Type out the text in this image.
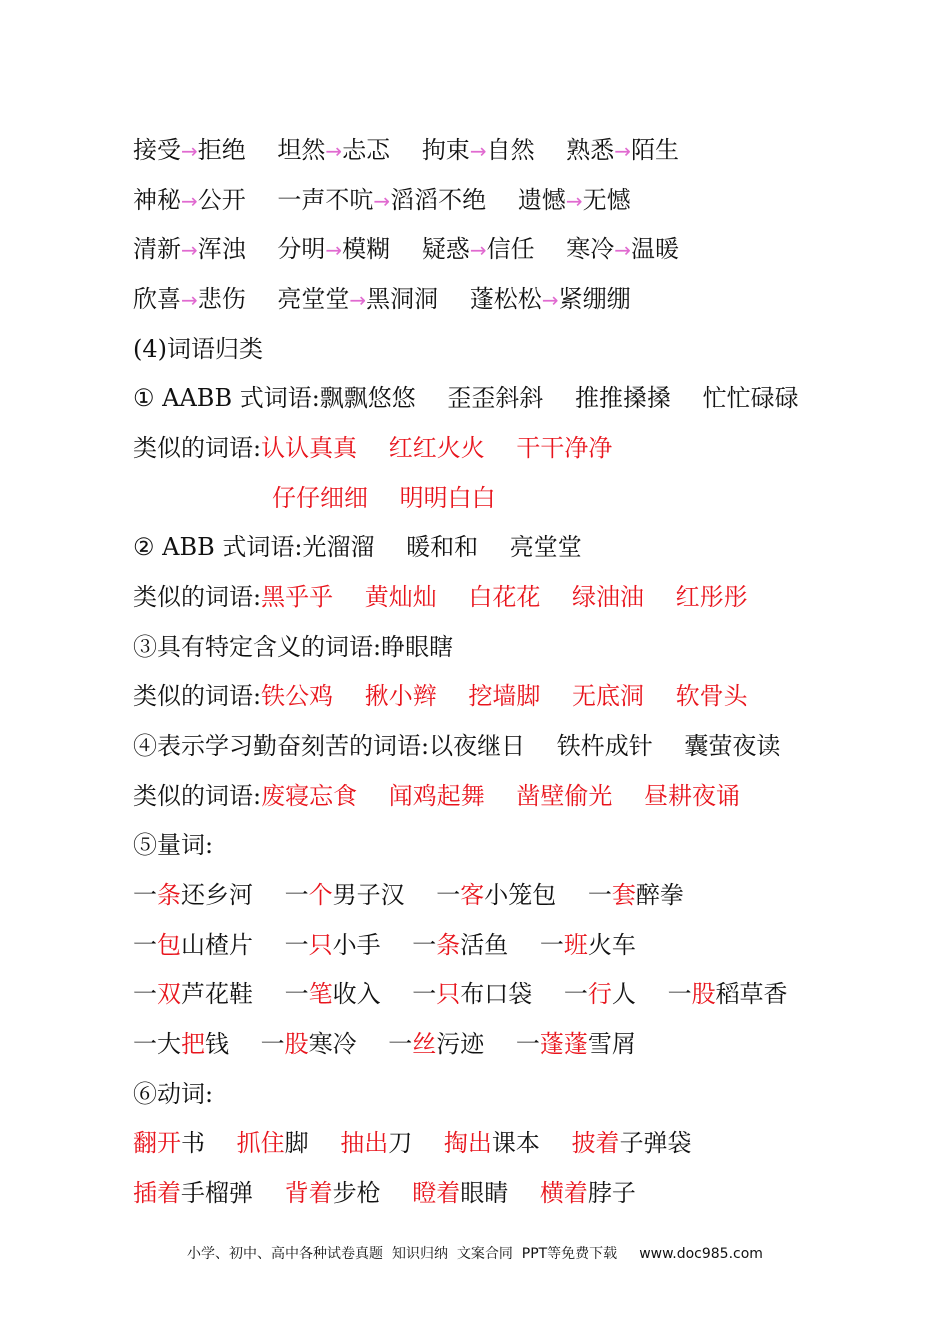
接受→拒绝　 坦然→忐忑　 拘束→自然　 熟悉→陌生
神秘→公开　 一声不吭→滔滔不绝　 遗憾→无憾
清新→浑浊　 分明→模糊　 疑惑→信任　 寒冷→温暖
欣喜→悲伤　 亮堂堂→黑洞洞　 蓬松松→紧绷绷
(4)词语归类
① AABB 式词语:飘飘悠悠　 歪歪斜斜　 推推搡搡　 忙忙碌碌
类似的词语:认认真真　 红红火火　 干干净净
仔仔细细　 明明白白
② ABB 式词语:光溜溜　 暖和和　 亮堂堂
类似的词语:黑乎乎　 黄灿灿　 白花花　 绿油油　 红彤彤
③具有特定含义的词语:睁眼瞎
类似的词语:铁公鸡　 揪小辫　 挖墙脚　 无底洞　 软骨头
④表示学习勤奋刻苦的词语:以夜继日　 铁杵成针　 囊萤夜读
类似的词语:废寝忘食　 闻鸡起舞　 凿壁偷光　 昼耕夜诵
⑤量词:
一条还乡河　 一个男子汉　 一客小笼包　 一套醉拳
一包山楂片　 一只小手　 一条活鱼　 一班火车
一双芦花鞋　 一笔收入　 一只布口袋　 一行人　 一股稻草香
一大把钱　 一股寒冷　 一丝污迹　 一蓬蓬雪屑
⑥动词:
翻开书　 抓住脚　 抽出刀　 掏出课本　 披着子弹袋
插着手榴弹　 背着步枪　 瞪着眼睛　 横着脖子
小学、初中、高中各种试卷真题  知识归纳  文案合同  PPT等免费下载 www.doc985.com
